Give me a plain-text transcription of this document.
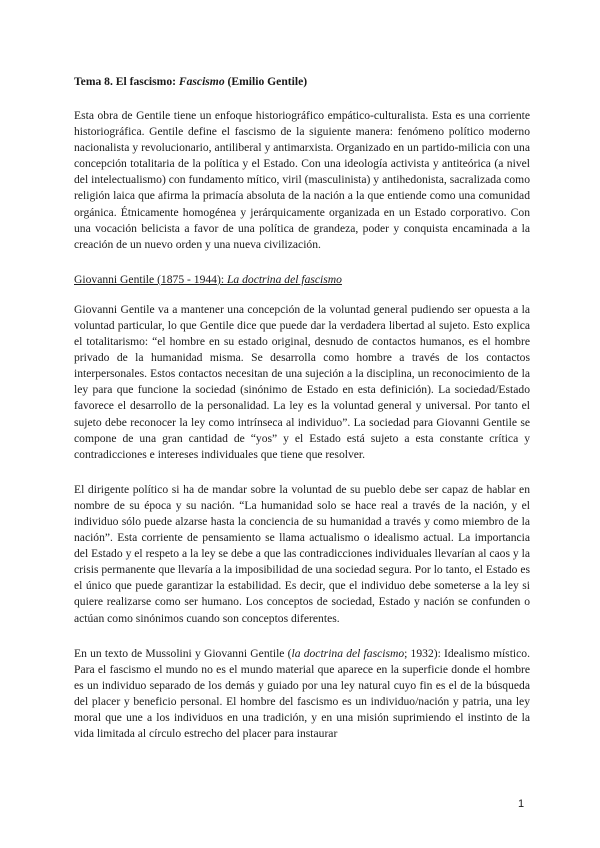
Tema 8. El fascismo: Fascismo (Emilio Gentile)

Esta obra de Gentile tiene un enfoque historiográfico empático-culturalista. Esta es una corriente historiográfica. Gentile define el fascismo de la siguiente manera: fenómeno político moderno nacionalista y revolucionario, antiliberal y antimarxista. Organizado en un partido-milicia con una concepción totalitaria de la política y el Estado. Con una ideología activista y antiteórica (a nivel del intelectualismo) con fundamento mítico, viril (masculinista) y antihedonista, sacralizada como religión laica que afirma la primacía absoluta de la nación a la que entiende como una comunidad orgánica. Étnicamente homogénea y jerárquicamente organizada en un Estado corporativo. Con una vocación belicista a favor de una política de grandeza, poder y conquista encaminada a la creación de un nuevo orden y una nueva civilización.

Giovanni Gentile (1875 - 1944): La doctrina del fascismo

Giovanni Gentile va a mantener una concepción de la voluntad general pudiendo ser opuesta a la voluntad particular, lo que Gentile dice que puede dar la verdadera libertad al sujeto. Esto explica el totalitarismo: “el hombre en su estado original, desnudo de contactos humanos, es el hombre privado de la humanidad misma. Se desarrolla como hombre a través de los contactos interpersonales. Estos contactos necesitan de una sujeción a la disciplina, un reconocimiento de la ley para que funcione la sociedad (sinónimo de Estado en esta definición). La sociedad/Estado favorece el desarrollo de la personalidad. La ley es la voluntad general y universal. Por tanto el sujeto debe reconocer la ley como intrínseca al individuo”. La sociedad para Giovanni Gentile se compone de una gran cantidad de “yos” y el Estado está sujeto a esta constante crítica y contradicciones e intereses individuales que tiene que resolver.

El dirigente político si ha de mandar sobre la voluntad de su pueblo debe ser capaz de hablar en nombre de su época y su nación. “La humanidad solo se hace real a través de la nación, y el individuo sólo puede alzarse hasta la conciencia de su humanidad a través y como miembro de la nación”. Esta corriente de pensamiento se llama actualismo o idealismo actual. La importancia del Estado y el respeto a la ley se debe a que las contradicciones individuales llevarían al caos y la crisis permanente que llevaría a la imposibilidad de una sociedad segura. Por lo tanto, el Estado es el único que puede garantizar la estabilidad. Es decir, que el individuo debe someterse a la ley si quiere realizarse como ser humano. Los conceptos de sociedad, Estado y nación se confunden o actúan como sinónimos cuando son conceptos diferentes.

En un texto de Mussolini y Giovanni Gentile (la doctrina del fascismo; 1932): Idealismo místico. Para el fascismo el mundo no es el mundo material que aparece en la superficie donde el hombre es un individuo separado de los demás y guiado por una ley natural cuyo fin es el de la búsqueda del placer y beneficio personal. El hombre del fascismo es un individuo/nación y patria, una ley moral que une a los individuos en una tradición, y en una misión suprimiendo el instinto de la vida limitada al círculo estrecho del placer para instaurar

1
